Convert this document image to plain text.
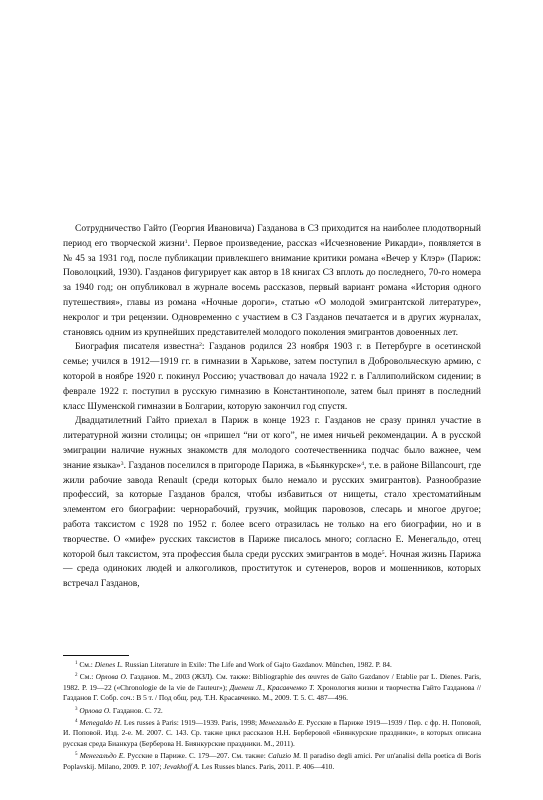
Сотрудничество Гайто (Георгия Ивановича) Газданова в СЗ приходится на наиболее плодотворный период его творческой жизни$^1$. Первое произведение, рассказ «Исчезновение Рикарди», появляется в № 45 за 1931 год, после публикации привлекшего внимание критики романа «Вечер у Клэр» (Париж: Поволоцкий, 1930). Газданов фигурирует как автор в 18 книгах СЗ вплоть до последнего, 70-го номера за 1940 год; он опубликовал в журнале восемь рассказов, первый вариант романа «История одного путешествия», главы из романа «Ночные дороги», статью «О молодой эмигрантской литературе», некролог и три рецензии. Одновременно с участием в СЗ Газданов печатается и в других журналах, становясь одним из крупнейших представителей молодого поколения эмигрантов довоенных лет.

Биография писателя известна$^2$: Газданов родился 23 ноября 1903 г. в Петербурге в осетинской семье; учился в 1912—1919 гг. в гимназии в Харькове, затем поступил в Добровольческую армию, с которой в ноябре 1920 г. покинул Россию; участвовал до начала 1922 г. в Галлиполийском сидении; в феврале 1922 г. поступил в русскую гимназию в Константинополе, затем был принят в последний класс Шуменской гимназии в Болгарии, которую закончил год спустя.

Двадцатилетний Гайто приехал в Париж в конце 1923 г. Газданов не сразу принял участие в литературной жизни столицы; он «пришел “ни от кого”, не имея ничьей рекомендации. А в русской эмиграции наличие нужных знакомств для молодого соотечественника подчас было важнее, чем знание языка»$^3$. Газданов поселился в пригороде Парижа, в «Бьянкурске»$^4$, т.е. в районе Billancourt, где жили рабочие завода Renault (среди которых было немало и русских эмигрантов). Разнообразие профессий, за которые Газданов брался, чтобы избавиться от нищеты, стало хрестоматийным элементом его биографии: чернорабочий, грузчик, мойщик паровозов, слесарь и многое другое; работа таксистом с 1928 по 1952 г. более всего отразилась не только на его биографии, но и в творчестве. О «мифе» русских таксистов в Париже писалось много; согласно Е. Менегальдо, отец которой был таксистом, эта профессия была среди русских эмигрантов в моде$^5$. Ночная жизнь Парижа — среда одиноких людей и алкоголиков, проституток и сутенеров, воров и мошенников, которых встречал Газданов,

$^1$ См.: Dienes L. Russian Literature in Exile: The Life and Work of Gajto Gazdanov. München, 1982. P. 84.

$^2$ См.: Орлова О. Газданов. М., 2003 (ЖЗЛ). См. также: Bibliographie des œuvres de Gaïto Gazdanov / Etablie par L. Dienes. Paris, 1982. P. 19—22 («Chronologie de la vie de l'auteur»); Диенеш Л., Красавченко Т. Хронология жизни и творчества Гайто Газданова // Газданов Г. Собр. соч.: В 5 т. / Под общ. ред. Т.Н. Красавченко. М., 2009. Т. 5. С. 487—496.

$^3$ Орлова О. Газданов. С. 72.

$^4$ Menegaldo H. Les russes à Paris: 1919—1939. Paris, 1998; Менегальдо Е. Русские в Париже 1919—1939 / Пер. с фр. Н. Поповой, И. Поповой. Изд. 2-е. М. 2007. С. 143. Ср. также цикл рассказов Н.Н. Берберовой «Биянкурские праздники», в которых описана русская среда Бианкура (Берберова Н. Биянкурские праздники. М., 2011).

$^5$ Менегальдо Е. Русские в Париже. С. 179—207. См. также: Caluzio M. Il paradiso degli amici. Per un'analisi della poetica di Boris Poplavskij. Milano, 2009. P. 107; Jevakhoff A. Les Russes blancs. Paris, 2011. P. 406—410.
